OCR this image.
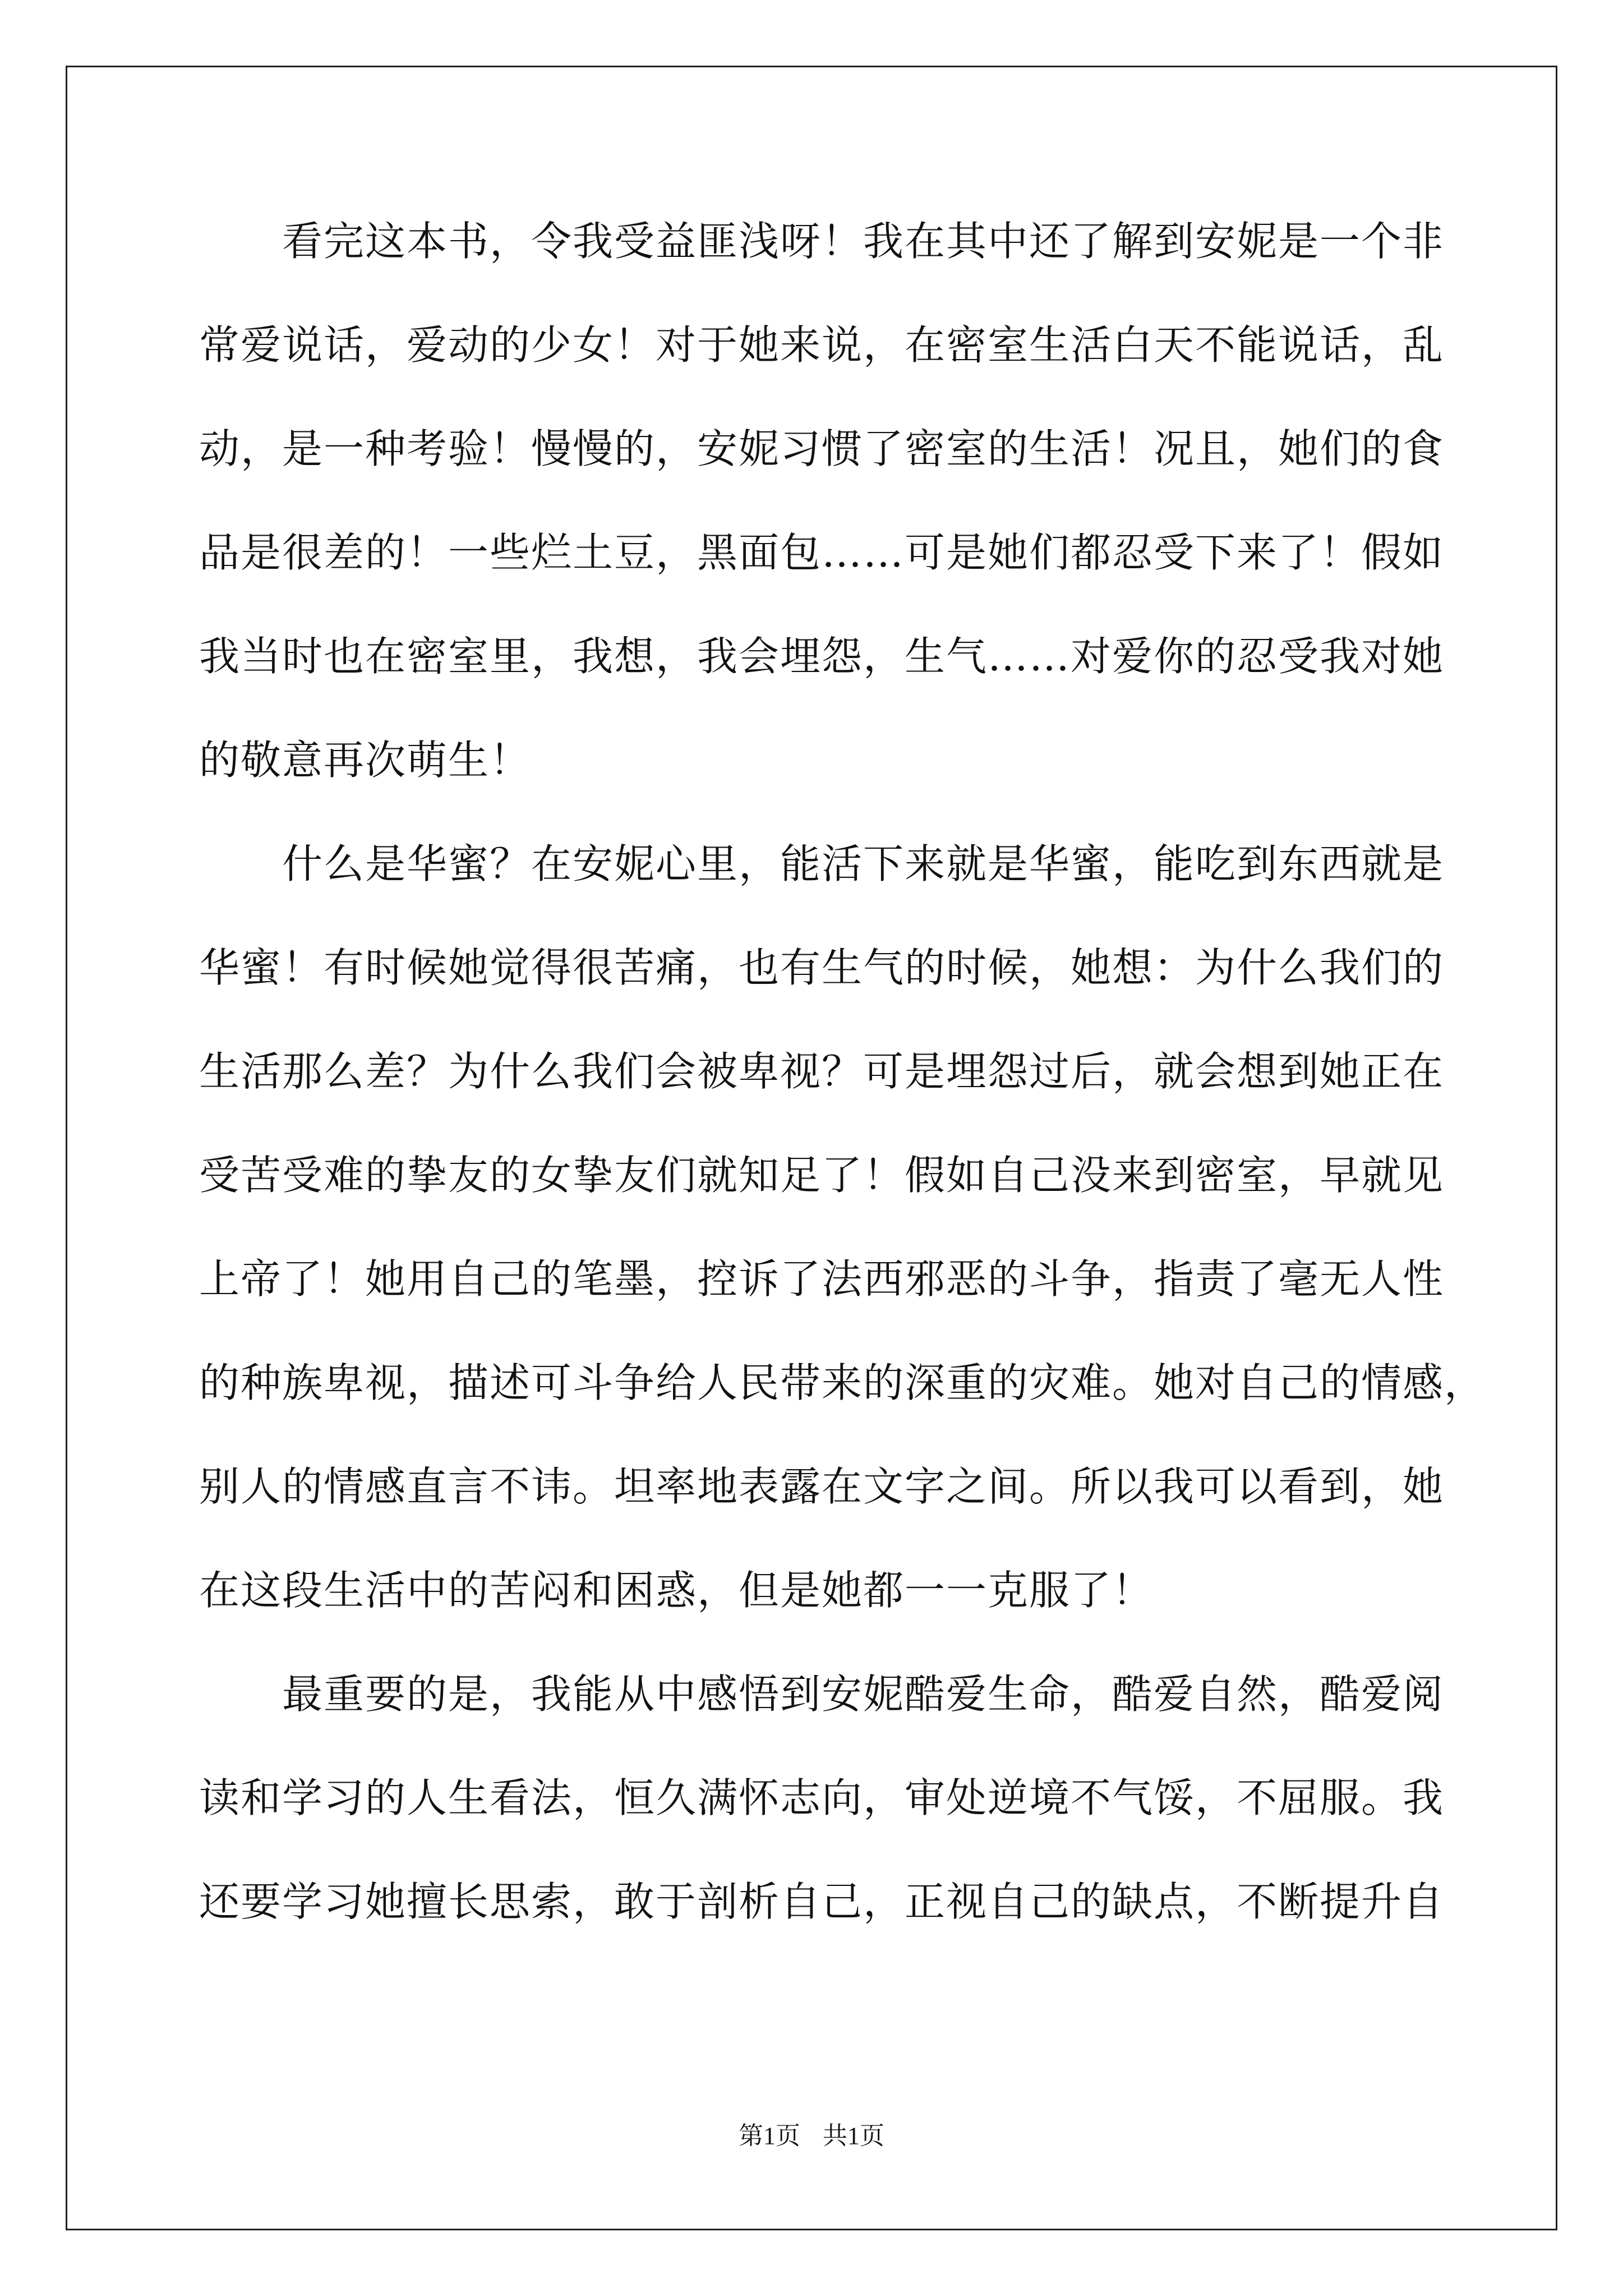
看完这本书，令我受益匪浅呀！我在其中还了解到安妮是一个非
常爱说话，爱动的少女！对于她来说，在密室生活白天不能说话，乱
动，是一种考验！慢慢的，安妮习惯了密室的生活！况且，她们的食
品是很差的！一些烂土豆，黑面包……可是她们都忍受下来了！假如
我当时也在密室里，我想，我会埋怨，生气……对爱你的忍受我对她
的敬意再次萌生！
什么是华蜜？在安妮心里，能活下来就是华蜜，能吃到东西就是
华蜜！有时候她觉得很苦痛，也有生气的时候，她想：为什么我们的
生活那么差？为什么我们会被卑视？可是埋怨过后，就会想到她正在
受苦受难的挚友的女挚友们就知足了！假如自己没来到密室，早就见
上帝了！她用自己的笔墨，控诉了法西邪恶的斗争，指责了毫无人性
的种族卑视，描述可斗争给人民带来的深重的灾难。她对自己的情感，
别人的情感直言不讳。坦率地表露在文字之间。所以我可以看到，她
在这段生活中的苦闷和困惑，但是她都一一克服了！
最重要的是，我能从中感悟到安妮酷爱生命，酷爱自然，酷爱阅
读和学习的人生看法，恒久满怀志向，审处逆境不气馁，不屈服。我
还要学习她擅长思索，敢于剖析自己，正视自己的缺点，不断提升自
第1页 共1页
